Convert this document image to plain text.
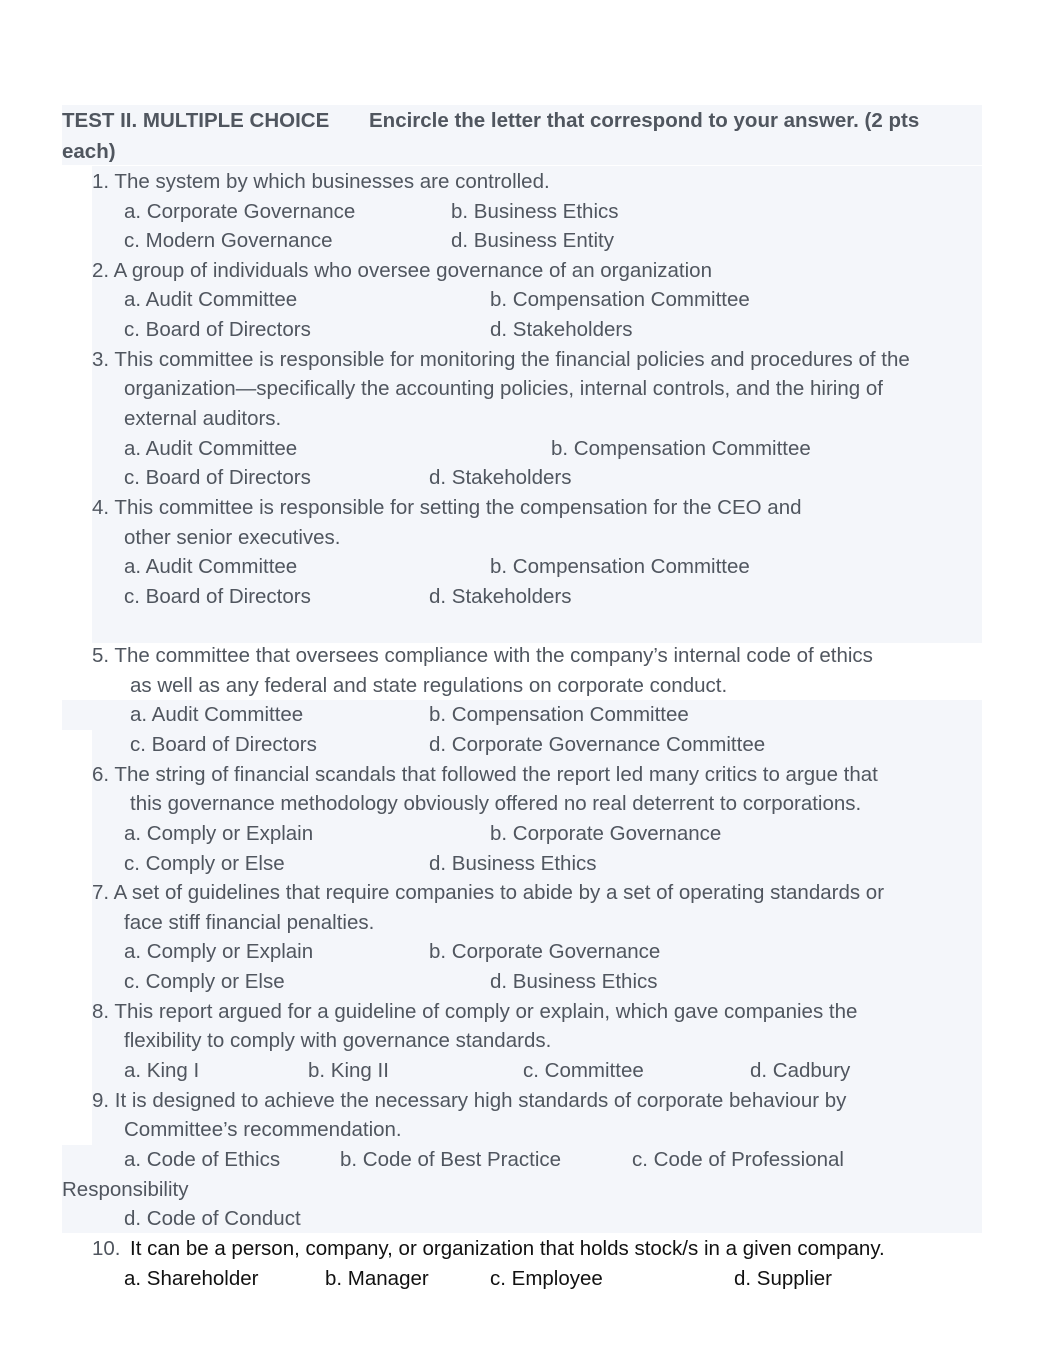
TEST II. MULTIPLE CHOICE Encircle the letter that correspond to your answer. (2 pts
each)
1. The system by which businesses are controlled.
a. Corporate Governance	b. Business Ethics
c. Modern Governance	d. Business Entity
2. A group of individuals who oversee governance of an organization
a. Audit Committee	b. Compensation Committee
c. Board of Directors	d. Stakeholders
3. This committee is responsible for monitoring the financial policies and procedures of the
organization—specifically the accounting policies, internal controls, and the hiring of
external auditors.
a. Audit Committee	b. Compensation Committee
c. Board of Directors	d. Stakeholders
4. This committee is responsible for setting the compensation for the CEO and
other senior executives.
a. Audit Committee	b. Compensation Committee
c. Board of Directors	d. Stakeholders
5. The committee that oversees compliance with the company’s internal code of ethics
as well as any federal and state regulations on corporate conduct.
a. Audit Committee	b. Compensation Committee
c. Board of Directors	d. Corporate Governance Committee
6. The string of financial scandals that followed the report led many critics to argue that
this governance methodology obviously offered no real deterrent to corporations.
a. Comply or Explain	b. Corporate Governance
c. Comply or Else	d. Business Ethics
7. A set of guidelines that require companies to abide by a set of operating standards or
face stiff financial penalties.
a. Comply or Explain	b. Corporate Governance
c. Comply or Else	d. Business Ethics
8. This report argued for a guideline of comply or explain, which gave companies the
flexibility to comply with governance standards.
a. King I	b. King II	c. Committee	d. Cadbury
9. It is designed to achieve the necessary high standards of corporate behaviour by
Committee’s recommendation.
a. Code of Ethics	b. Code of Best Practice	c. Code of Professional
Responsibility
d. Code of Conduct
10. It can be a person, company, or organization that holds stock/s in a given company.
a. Shareholder	b. Manager	c. Employee	d. Supplier
